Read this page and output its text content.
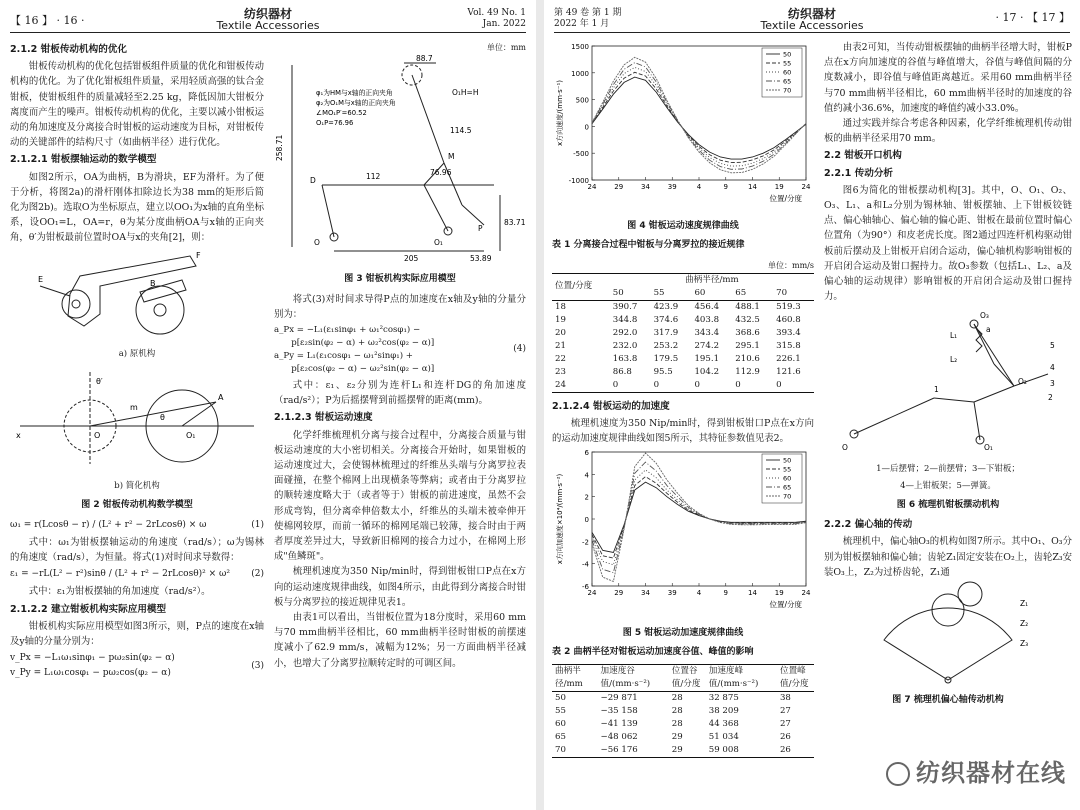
【 16 】 · 16 ·	纺织器材
Textile Accessories
Vol. 49 No. 1
Jan. 2022
2.1.2 钳板传动机构的优化

钳板传动机构的优化包括钳板组件质量的优化和钳板传动机构的优化。为了优化钳板组件质量，采用轻质高强的钛合金钳板，使钳板组件的质量减轻至2.25 kg，降低因加大钳板分离度而产生的噪声。钳板传动机构的优化，主要以减小钳板运动的角加速度及分离接合时钳板的运动速度为目标，对钳板传动的关键部件的结构尺寸（如曲柄半径）进行优化。

2.1.2.1 钳板摆轴运动的数学模型

如图2所示，OA为曲柄，B为滑块，EF为滑杆。为了便于分析，将图2a)的滑杆刚体扣除边长为38 mm的矩形后简化为图2b)。选取O为坐标原点，建立以OO₁为x轴的直角坐标系，设OO₁=L，OA=r，θ为某分度曲柄OA与x轴的正向夹角，θ′为钳板最前位置时OA与x的夹角[2]，则：

E
F
B
a) 原机构
x	O	O₁
A
m
θ′
θ
b) 简化机构
图 2 钳板传动机构数学模型
ω₁ = r(Lcosθ − r) / (L² + r² − 2rLcosθ) × ω	(1)

式中：ω₁为钳板摆轴运动的角速度（rad/s）；ω为锡林的角速度（rad/s），为恒量。将式(1)对时间求导数得：

ε₁ = −rL(L² − r²)sinθ / (L² + r² − 2rLcosθ)² × ω² (2)

式中：ε₁为钳板摆轴的角加速度（rad/s²）。

2.1.2.2 建立钳板机构实际应用模型

钳板机构实际应用模型如图3所示，则，P点的速度在x轴及y轴的分量分别为：

v_Px = −L₁ω₁sinφ₁ − pω₂sin(φ₂ − α)
v_Py = L₁ω₁cosφ₁ − pω₂cos(φ₂ − α)
(3)
单位：mm
258.71
88.7
O₁H=H
114.5
76.96
112
205	53.89
83.71
D
O	O₁
P
M
φ₁为HM与x轴的正向夹角
φ₂为O₁M与x轴的正向夹角
∠MO₁P′=60.52
O₁P=76.96
图 3 钳板机构实际应用模型

将式(3)对时间求导得P点的加速度在x轴及y轴的分量分别为：

a_Px = −L₁(ε₁sinφ₁ + ω₁²cosφ₁) −
p[ε₂sin(φ₂ − α) + ω₂²cos(φ₂ − α)]
a_Py = L₁(ε₁cosφ₁ − ω₁²sinφ₁) +
p[ε₂cos(φ₂ − α) − ω₂²sin(φ₂ − α)]
(4)

式中：ε₁、ε₂分别为连杆L₁和连杆DG的角加速度（rad/s²）；P为后摇摆臂到前摇摆臂的距离(mm)。

2.1.2.3 钳板运动速度

化学纤维梳理机分离与接合过程中，分离接合质量与钳板运动速度的大小密切相关。分离接合开始时，如果钳板的运动速度过大，会使锡林梳理过的纤维丛头端与分离罗拉表面碰撞，在整个棉网上出现横条等弊病；或者由于分离罗拉的顺转速度略大于（或者等于）钳板的前进速度，虽然不会形成弯钩，但分离牵伸倍数太小，纤维丛的头端未被牵伸开使棉网较厚，而前一循环的棉网尾端已较薄，接合时由于两者厚度差异过大，导致新旧棉网的接合力过小，在棉网上形成"鱼鳞斑"。

梳理机速度为350 Nip/min时，得到钳板钳口P点在x方向的运动速度规律曲线，如图4所示，由此得到分离接合时钳板与分离罗拉的接近规律见表1。

由表1可以看出，当钳板位置为18分度时，采用60 mm与70 mm曲柄半径相比，60 mm曲柄半径时钳板的前摆速度减小了62.9 mm/s，减幅为12%；另一方面曲柄半径减小，也增大了分离罗拉顺转定时的可调区间。

第 49 卷 第 1 期
2022 年 1 月
纺织器材
Textile Accessories
· 17 · 【 17 】
-1000
-500
0
500
1000
1500
24	29	34	39	4	9	14	19	24
位置/分度
x方向速度/(mm·s⁻¹)
50
55
60
65
70
图 4 钳板运动速度规律曲线
表 1 分离接合过程中钳板与分离罗拉的接近规律
单位：mm/s
位置/分度	曲柄半径/mm				
	50	55	60	65	70
18	390.7	423.9	456.4	488.1	519.3
19	344.8	374.6	403.8	432.5	460.8
20	292.0	317.9	343.4	368.6	393.4
21	232.0	253.2	274.2	295.1	315.8
22	163.8	179.5	195.1	210.6	226.1
23	86.8	95.5	104.2	112.9	121.6
24	0	0	0	0	0
2.1.2.4 钳板运动的加速度

梳理机速度为350 Nip/min时，得到钳板钳口P点在x方向的运动加速度规律曲线如图5所示，其特征参数值见表2。

-6
-4
-2
0
2
4
6
24	29	34	39	4	9	14	19	24
位置/分度
x方向加速度×10⁴/(mm·s⁻²)
50
55
60
65
70
图 5 钳板运动加速度规律曲线
表 2 曲柄半径对钳板运动加速度谷值、峰值的影响
曲柄半径/mm	加速度谷值/(mm·s⁻²)	位置谷值/分度	加速度峰值/(mm·s⁻²)	位置峰值/分度
50	−29 871	28	32 875	38
55	−35 158	28	38 209	27
60	−41 139	28	44 368	27
65	−48 062	29	51 034	26
70	−56 176	29	59 008	26

由表2可知，当传动钳板摆轴的曲柄半径增大时，钳板P点在x方向加速度的谷值与峰值增大，谷值与峰值间隔的分度数减小，即谷值与峰值距离越近。采用60 mm曲柄半径与70 mm曲柄半径相比，60 mm曲柄半径时的加速度的谷值约减小36.6%，加速度的峰值约减小33.0%。

通过实践并综合考虑各种因素，化学纤维梳理机传动钳板的曲柄半径采用70 mm。

2.2 钳板开口机构
2.2.1 传动分析

图6为简化的钳板摆动机构[3]。其中，O、O₁、O₂、O₃、L₁、a和L₂分别为锡林轴、钳板摆轴、上下钳板铰链点、偏心轴轴心、偏心轴的偏心距、钳板在最前位置时偏心位置角（为90°）和皮老虎长度。图2通过四连杆机构驱动钳板前后摆动及上钳板开启闭合运动，偏心轴机构影响钳板的开启闭合运动及钳口握持力。故O₃参数（包括L₁、L₂、a及偏心轴的运动规律）影响钳板的开启闭合运动及钳口握持力。

O	O₁
O₂
O₃
L₁
L₂
a
1
2
3
4
5
1—后摆臂；2—前摆臂；3—下钳板；
4—上钳板架；5—弹簧。
图 6 梳理机钳板摆动机构
2.2.2 偏心轴的传动

梳理机中，偏心轴O₃的机构如图7所示。其中O₁、O₃分别为钳板摆轴和偏心轴；齿轮Z₁固定安装在O₂上，齿轮Z₃安装O₃上，Z₂为过桥齿轮，Z₁通

Z₁
Z₂
Z₃
图 7 梳理机偏心轴传动机构
纺织器材在线
